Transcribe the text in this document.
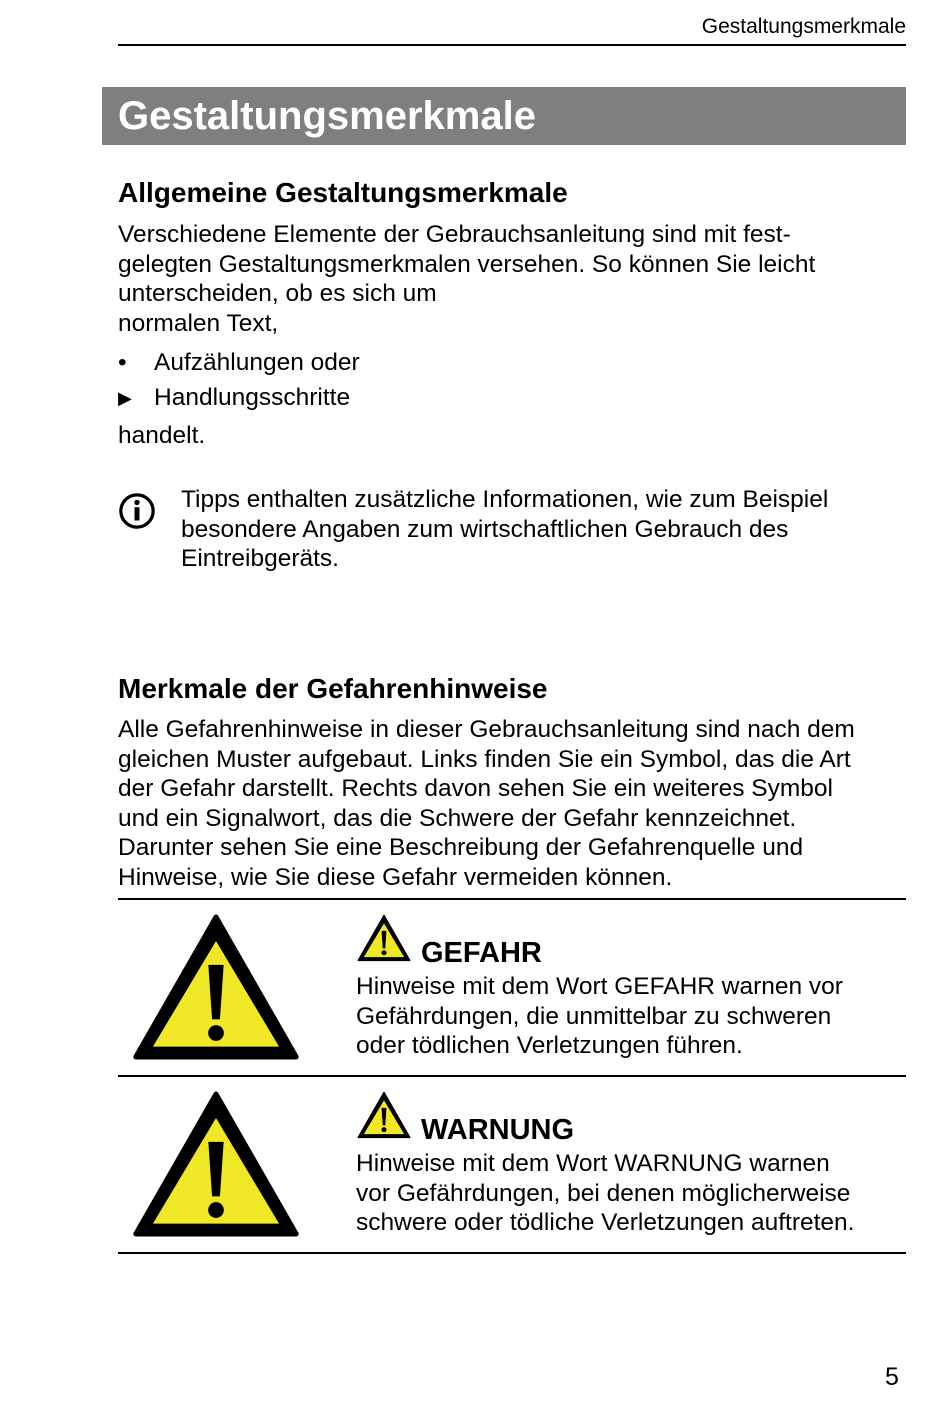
Gestaltungsmerkmale
Gestaltungsmerkmale
Allgemeine Gestaltungsmerkmale

Verschiedene Elemente der Gebrauchsanleitung sind mit fest-
gelegten Gestaltungsmerkmalen versehen. So können Sie leicht
unterscheiden, ob es sich um
normalen Text,

•	Aufzählungen oder
▶ Handlungsschritte

handelt.

Tipps enthalten zusätzliche Informationen, wie zum Beispiel
besondere Angaben zum wirtschaftlichen Gebrauch des
Eintreibgeräts.

Merkmale der Gefahrenhinweise

Alle Gefahrenhinweise in dieser Gebrauchsanleitung sind nach dem
gleichen Muster aufgebaut. Links finden Sie ein Symbol, das die Art
der Gefahr darstellt. Rechts davon sehen Sie ein weiteres Symbol
und ein Signalwort, das die Schwere der Gefahr kennzeichnet.
Darunter sehen Sie eine Beschreibung der Gefahrenquelle und
Hinweise, wie Sie diese Gefahr vermeiden können.

GEFAHR

Hinweise mit dem Wort GEFAHR warnen vor
Gefährdungen, die unmittelbar zu schweren
oder tödlichen Verletzungen führen.

WARNUNG

Hinweise mit dem Wort WARNUNG warnen
vor Gefährdungen, bei denen möglicherweise
schwere oder tödliche Verletzungen auftreten.

5
